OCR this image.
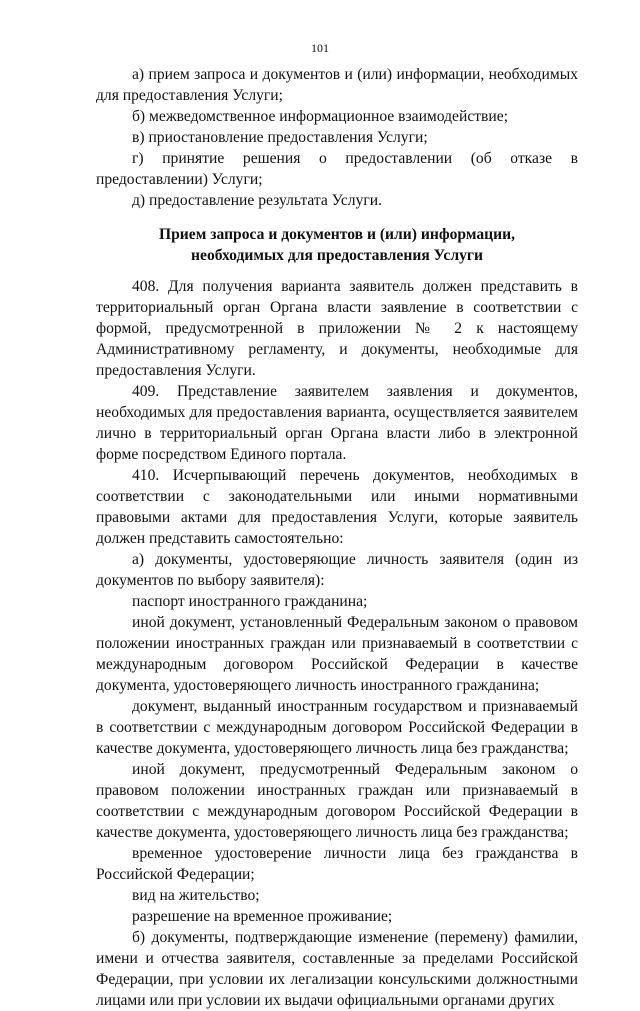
101

а) прием запроса и документов и (или) информации, необходимых для предоставления Услуги;

б) межведомственное информационное взаимодействие;

в) приостановление предоставления Услуги;

г) принятие решения о предоставлении (об отказе в предоставлении) Услуги;

д) предоставление результата Услуги.

Прием запроса и документов и (или) информации,
необходимых для предоставления Услуги

408. Для получения варианта заявитель должен представить в территориальный орган Органа власти заявление в соответствии с формой, предусмотренной в приложении № 2 к настоящему Административному регламенту, и документы, необходимые для предоставления Услуги.

409. Представление заявителем заявления и документов, необходимых для предоставления варианта, осуществляется заявителем лично в территориальный орган Органа власти либо в электронной форме посредством Единого портала.

410. Исчерпывающий перечень документов, необходимых в соответствии с законодательными или иными нормативными правовыми актами для предоставления Услуги, которые заявитель должен представить самостоятельно:

а) документы, удостоверяющие личность заявителя (один из документов по выбору заявителя):

паспорт иностранного гражданина;

иной документ, установленный Федеральным законом о правовом положении иностранных граждан или признаваемый в соответствии с международным договором Российской Федерации в качестве документа, удостоверяющего личность иностранного гражданина;

документ, выданный иностранным государством и признаваемый в соответствии с международным договором Российской Федерации в качестве документа, удостоверяющего личность лица без гражданства;

иной документ, предусмотренный Федеральным законом о правовом положении иностранных граждан или признаваемый в соответствии с международным договором Российской Федерации в качестве документа, удостоверяющего личность лица без гражданства;

временное удостоверение личности лица без гражданства в Российской Федерации;

вид на жительство;

разрешение на временное проживание;

б) документы, подтверждающие изменение (перемену) фамилии, имени и отчества заявителя, составленные за пределами Российской Федерации, при условии их легализации консульскими должностными лицами или при условии их выдачи официальными органами других
